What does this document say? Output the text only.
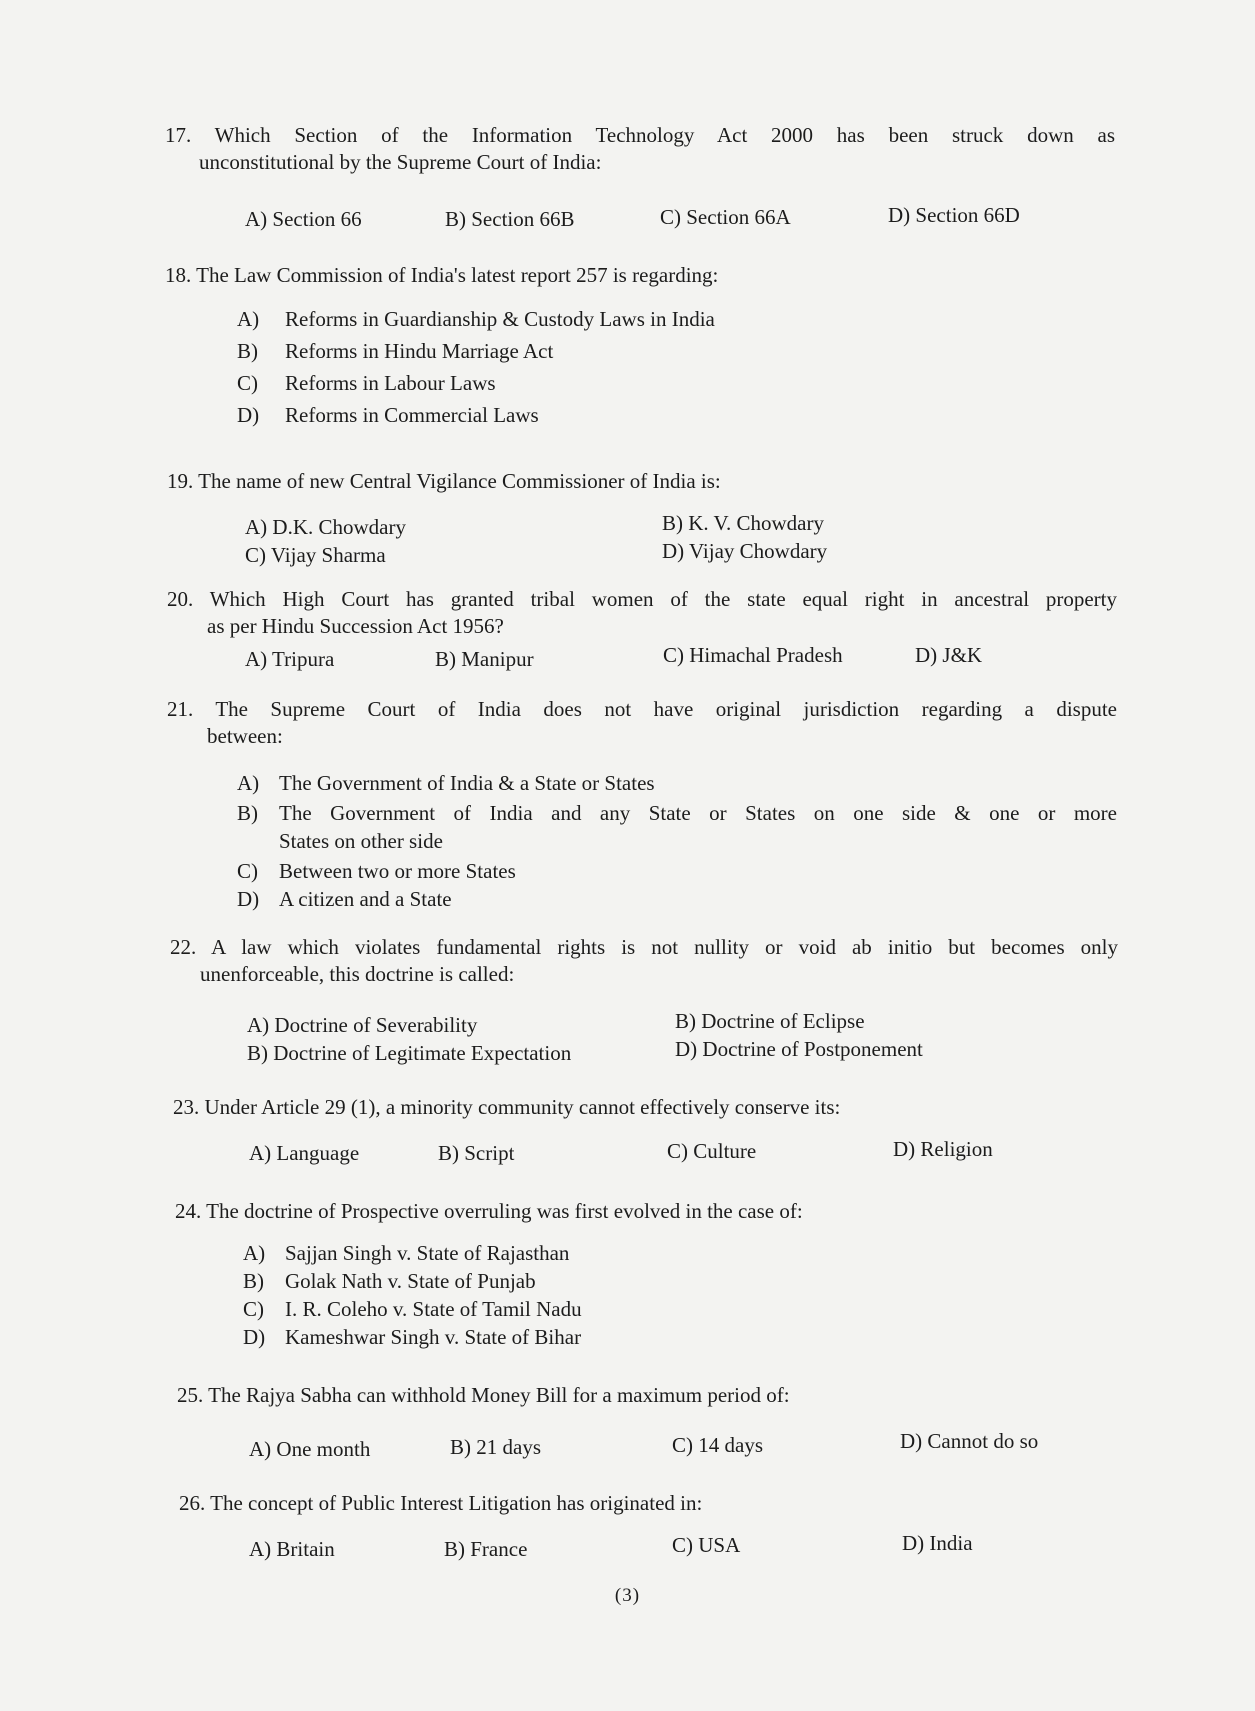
17. Which Section of the Information Technology Act 2000 has been struck down as
unconstitutional by the Supreme Court of India:
A) Section 66	B) Section 66B	C) Section 66A	D) Section 66D
18. The Law Commission of India's latest report 257 is regarding:
A) Reforms in Guardianship & Custody Laws in India
B) Reforms in Hindu Marriage Act
C) Reforms in Labour Laws
D) Reforms in Commercial Laws
19. The name of new Central Vigilance Commissioner of India is:
A) D.K. Chowdary	B) K. V. Chowdary
C) Vijay Sharma	D) Vijay Chowdary
20. Which High Court has granted tribal women of the state equal right in ancestral property
as per Hindu Succession Act 1956?
A) Tripura	B) Manipur	C) Himachal Pradesh	D) J&K
21. The Supreme Court of India does not have original jurisdiction regarding a dispute
between:
A) The Government of India & a State or States
B)	The Government of India and any State or States on one side & one or more
States on other side
C) Between two or more States
D) A citizen and a State
22. A law which violates fundamental rights is not nullity or void ab initio but becomes only
unenforceable, this doctrine is called:
A) Doctrine of Severability	B) Doctrine of Eclipse
B) Doctrine of Legitimate Expectation	D) Doctrine of Postponement
23. Under Article 29 (1), a minority community cannot effectively conserve its:
A) Language	B) Script	C) Culture	D) Religion
24. The doctrine of Prospective overruling was first evolved in the case of:
A) Sajjan Singh v. State of Rajasthan
B) Golak Nath v. State of Punjab
C) I. R. Coleho v. State of Tamil Nadu
D) Kameshwar Singh v. State of Bihar
25. The Rajya Sabha can withhold Money Bill for a maximum period of:
A) One month	B) 21 days	C) 14 days	D) Cannot do so
26. The concept of Public Interest Litigation has originated in:
A) Britain	B) France	C) USA	D) India
(3)
